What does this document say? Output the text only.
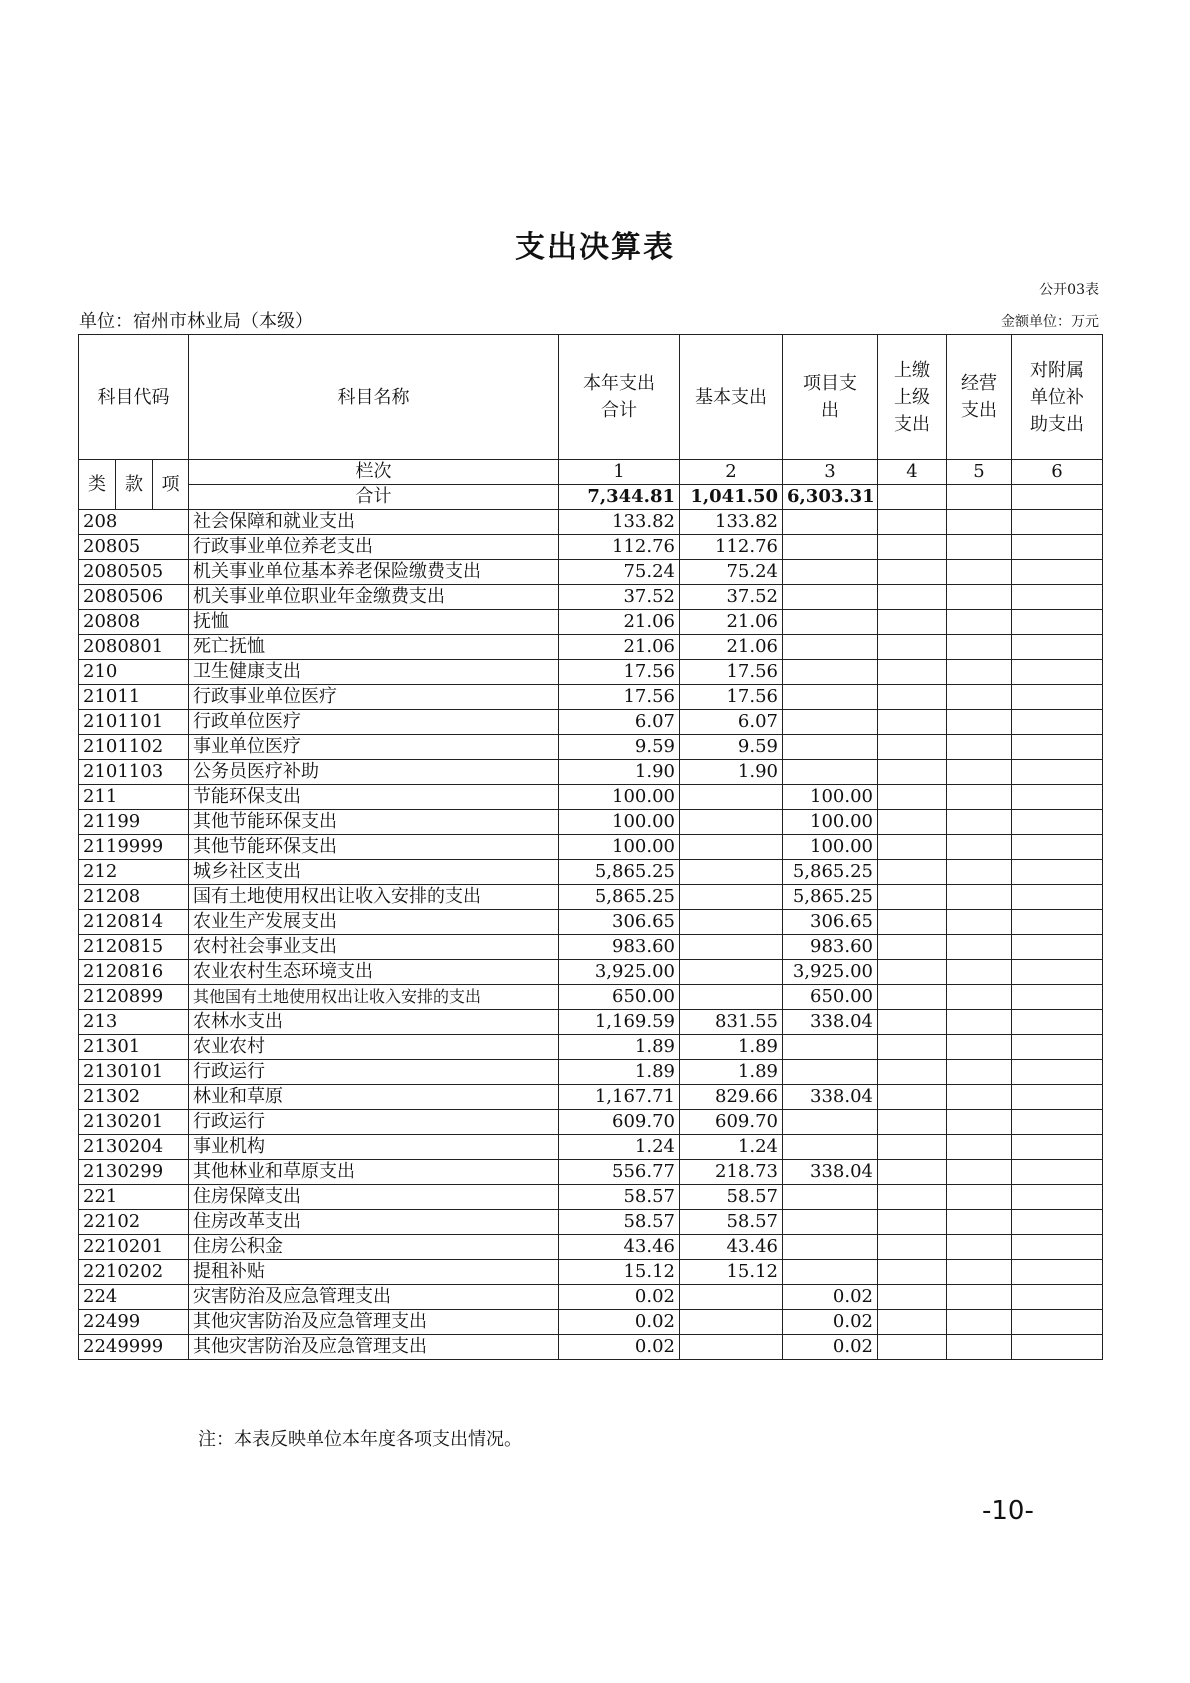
支出决算表
公开03表
单位：宿州市林业局（本级）	金额单位：万元
科目代码			科目名称	本年支出合计	基本支出	项目支出	上缴上级支出	经营支出	对附属单位补助支出
类	款	项	栏次	1	2	3	4	5	6
			合计	7,344.81	1,041.50	6,303.31			
208			社会保障和就业支出	133.82	133.82				
20805			行政事业单位养老支出	112.76	112.76				
2080505			机关事业单位基本养老保险缴费支出	75.24	75.24				
2080506			机关事业单位职业年金缴费支出	37.52	37.52				
20808			抚恤	21.06	21.06				
2080801			死亡抚恤	21.06	21.06				
210			卫生健康支出	17.56	17.56				
21011			行政事业单位医疗	17.56	17.56				
2101101			行政单位医疗	6.07	6.07				
2101102			事业单位医疗	9.59	9.59				
2101103			公务员医疗补助	1.90	1.90				
211			节能环保支出	100.00		100.00			
21199			其他节能环保支出	100.00		100.00			
2119999			其他节能环保支出	100.00		100.00			
212			城乡社区支出	5,865.25		5,865.25			
21208			国有土地使用权出让收入安排的支出	5,865.25		5,865.25			
2120814			农业生产发展支出	306.65		306.65			
2120815			农村社会事业支出	983.60		983.60			
2120816			农业农村生态环境支出	3,925.00		3,925.00			
2120899			其他国有土地使用权出让收入安排的支出	650.00		650.00			
213			农林水支出	1,169.59	831.55	338.04			
21301			农业农村	1.89	1.89				
2130101			行政运行	1.89	1.89				
21302			林业和草原	1,167.71	829.66	338.04			
2130201			行政运行	609.70	609.70				
2130204			事业机构	1.24	1.24				
2130299			其他林业和草原支出	556.77	218.73	338.04			
221			住房保障支出	58.57	58.57				
22102			住房改革支出	58.57	58.57				
2210201			住房公积金	43.46	43.46				
2210202			提租补贴	15.12	15.12				
224			灾害防治及应急管理支出	0.02		0.02			
22499			其他灾害防治及应急管理支出	0.02		0.02			
2249999			其他灾害防治及应急管理支出	0.02		0.02			
注：本表反映单位本年度各项支出情况。
-10-
